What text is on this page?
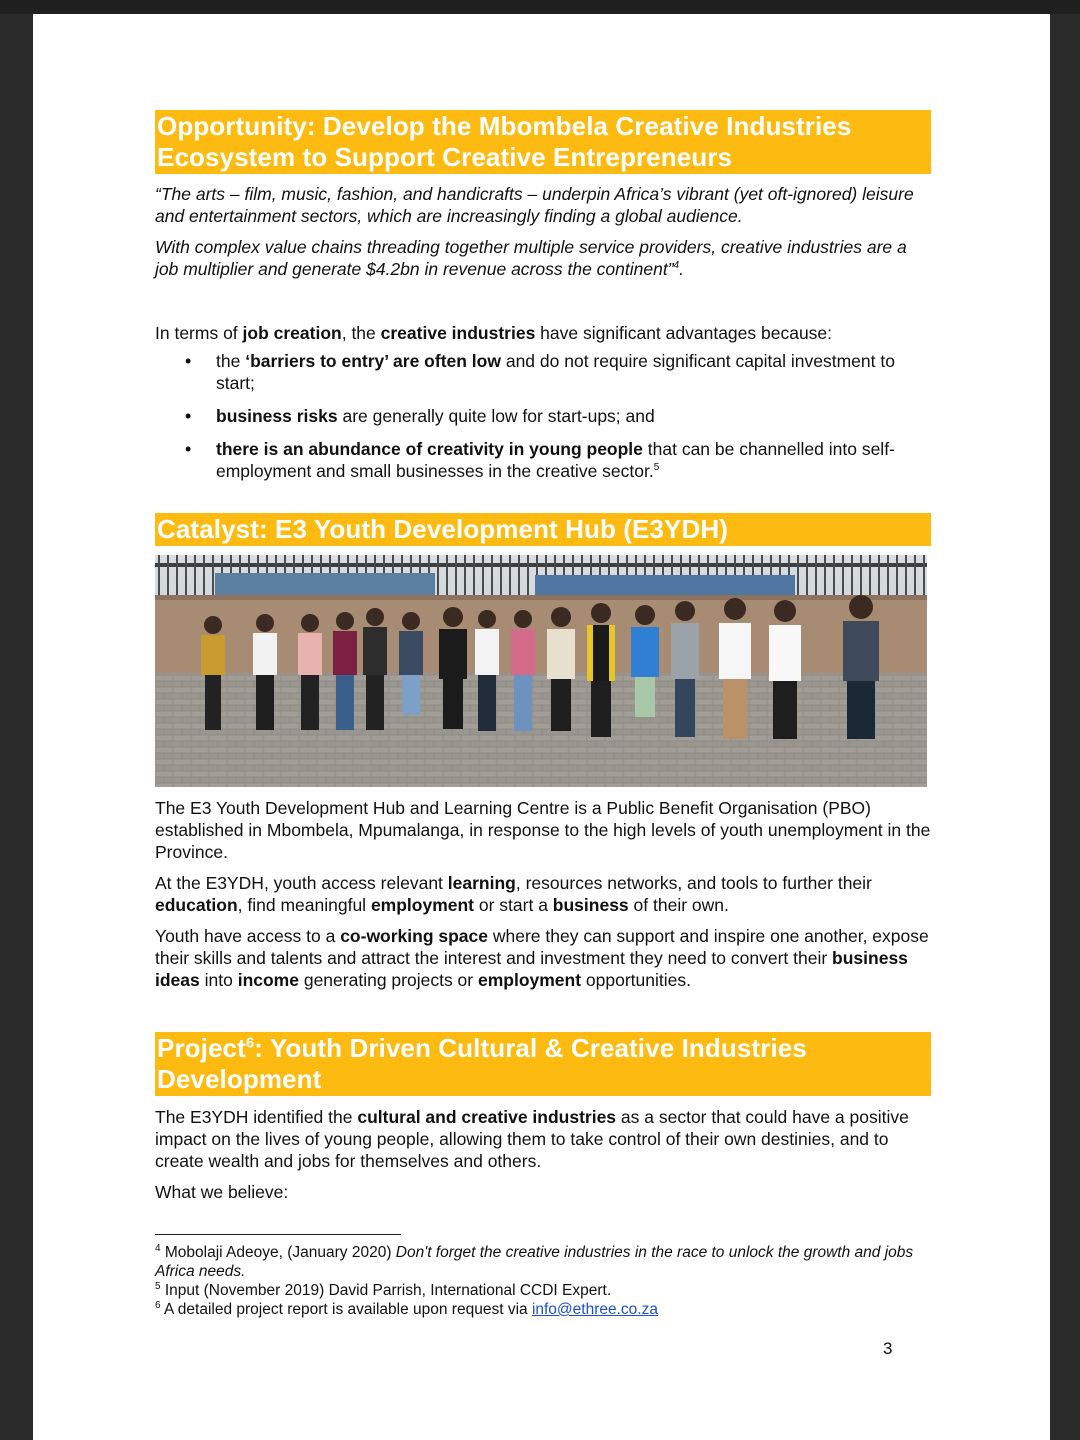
Opportunity: Develop the Mbombela Creative Industries Ecosystem to Support Creative Entrepreneurs

“The arts – film, music, fashion, and handicrafts – underpin Africa’s vibrant (yet oft-ignored) leisure and entertainment sectors, which are increasingly finding a global audience.

With complex value chains threading together multiple service providers, creative industries are a job multiplier and generate $4.2bn in revenue across the continent”$^4$.

In terms of job creation, the creative industries have significant advantages because:

• the ‘barriers to entry’ are often low and do not require significant capital investment to start;
• business risks are generally quite low for start-ups; and
• there is an abundance of creativity in young people that can be channelled into self-employment and small businesses in the creative sector.$^5$
Catalyst: E3 Youth Development Hub (E3YDH)

The E3 Youth Development Hub and Learning Centre is a Public Benefit Organisation (PBO) established in Mbombela, Mpumalanga, in response to the high levels of youth unemployment in the Province.

At the E3YDH, youth access relevant learning, resources networks, and tools to further their education, find meaningful employment or start a business of their own.

Youth have access to a co-working space where they can support and inspire one another, expose their skills and talents and attract the interest and investment they need to convert their business ideas into income generating projects or employment opportunities.

Project$^6$: Youth Driven Cultural & Creative Industries Development

The E3YDH identified the cultural and creative industries as a sector that could have a positive impact on the lives of young people, allowing them to take control of their own destinies, and to create wealth and jobs for themselves and others.

What we believe:

$^4$ Mobolaji Adeoye, (January 2020) Don't forget the creative industries in the race to unlock the growth and jobs Africa needs.

$^5$ Input (November 2019) David Parrish, International CCDI Expert.

$^6$ A detailed project report is available upon request via info@ethree.co.za

3
